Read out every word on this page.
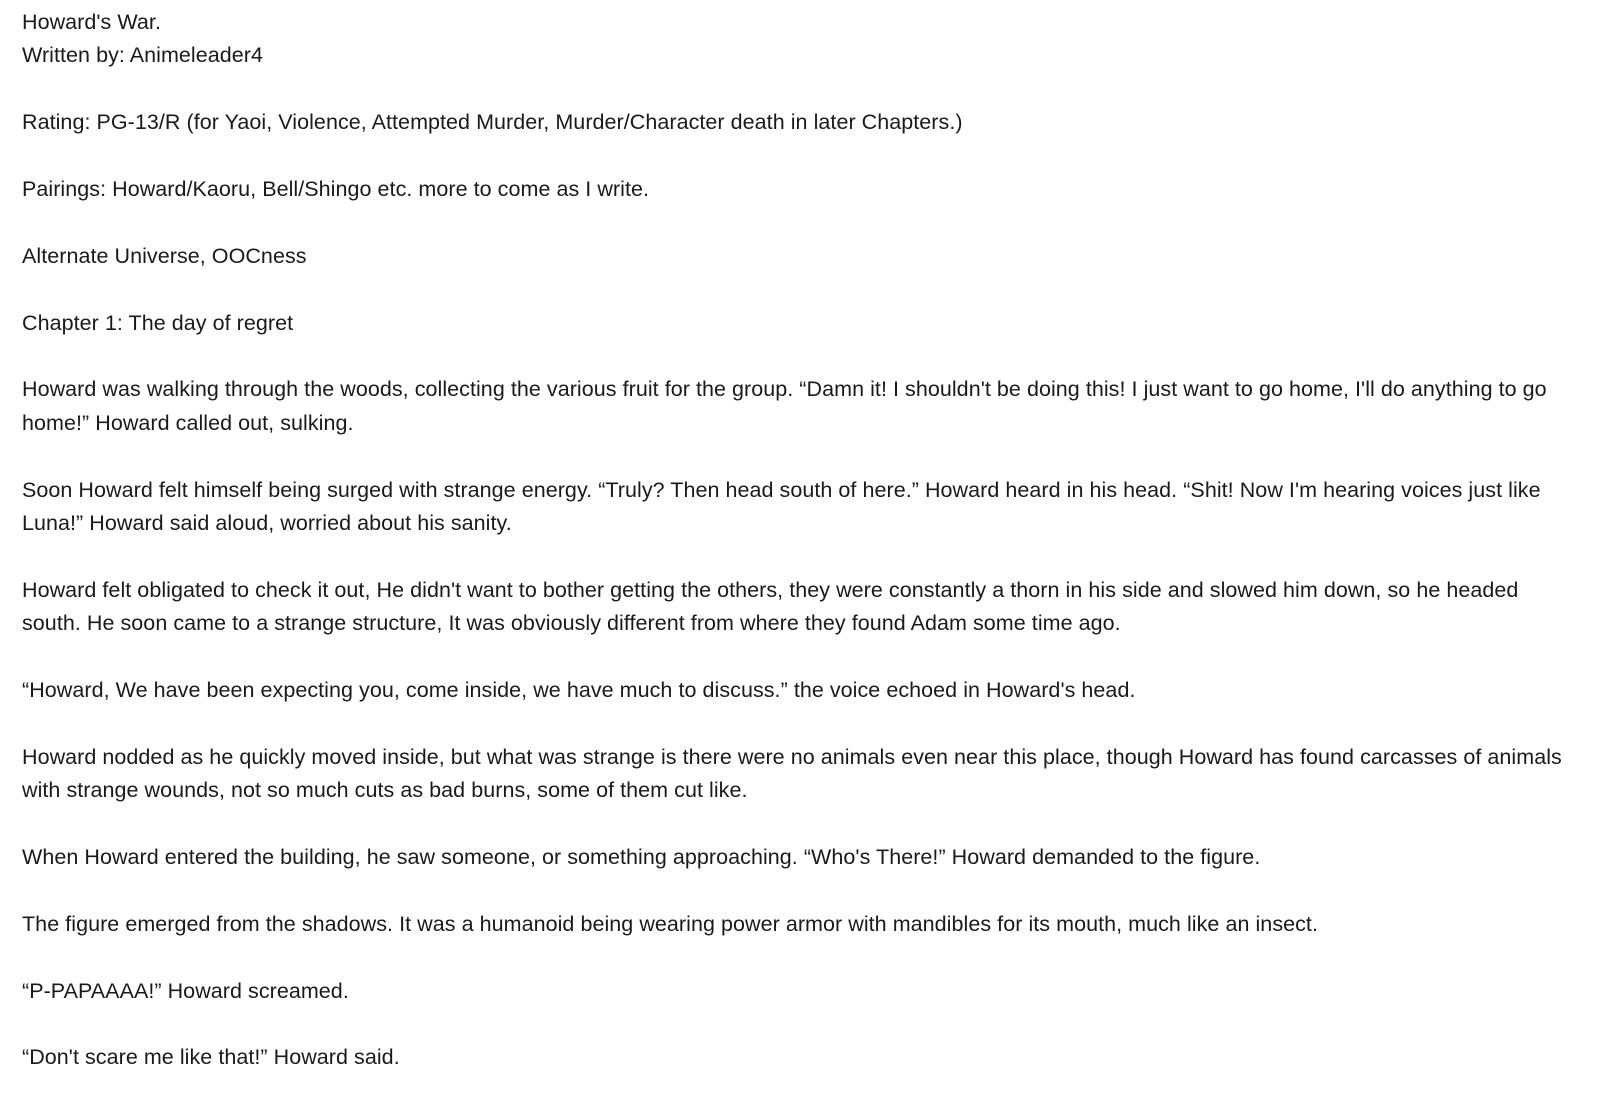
Howard's War.

Written by: Animeleader4

Rating: PG-13/R (for Yaoi, Violence, Attempted Murder, Murder/Character death in later Chapters.)

Pairings: Howard/Kaoru, Bell/Shingo etc. more to come as I write.

Alternate Universe, OOCness

Chapter 1: The day of regret

Howard was walking through the woods, collecting the various fruit for the group. “Damn it! I shouldn't be doing this! I just want to go home, I'll do anything to go home!” Howard called out, sulking.

Soon Howard felt himself being surged with strange energy. “Truly? Then head south of here.” Howard heard in his head. “Shit! Now I'm hearing voices just like Luna!” Howard said aloud, worried about his sanity.

Howard felt obligated to check it out, He didn't want to bother getting the others, they were constantly a thorn in his side and slowed him down, so he headed south. He soon came to a strange structure, It was obviously different from where they found Adam some time ago.

“Howard, We have been expecting you, come inside, we have much to discuss.” the voice echoed in Howard's head.

Howard nodded as he quickly moved inside, but what was strange is there were no animals even near this place, though Howard has found carcasses of animals with strange wounds, not so much cuts as bad burns, some of them cut like.

When Howard entered the building, he saw someone, or something approaching. “Who's There!” Howard demanded to the figure.

The figure emerged from the shadows. It was a humanoid being wearing power armor with mandibles for its mouth, much like an insect.

“P-PAPAAAA!” Howard screamed.

“Don't scare me like that!” Howard said.
